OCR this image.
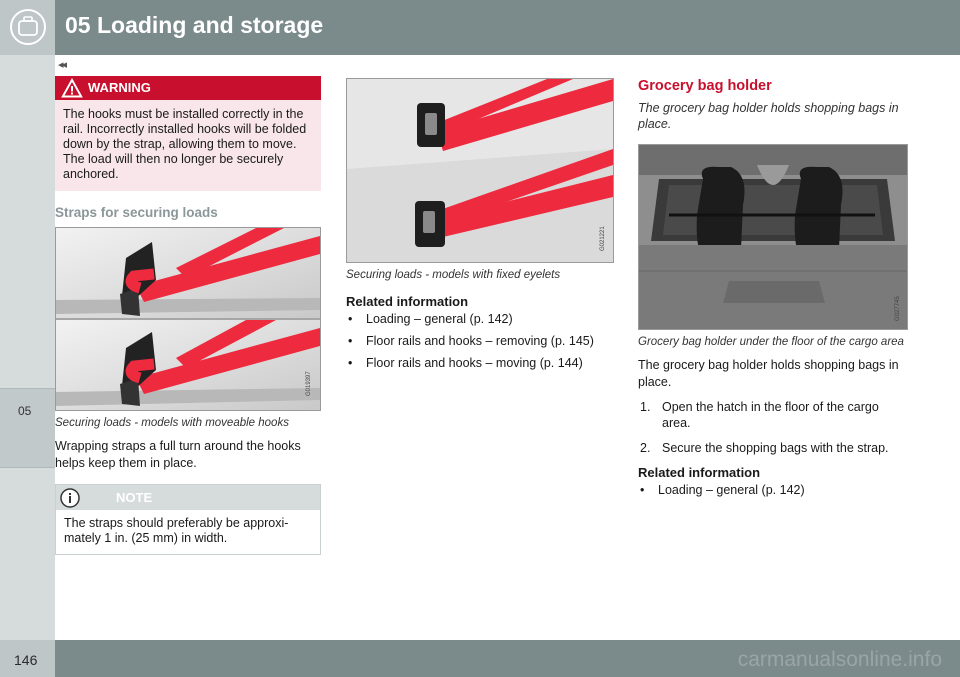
05 Loading and storage
05
◂◂
WARNING
The hooks must be installed correctly in the rail. Incorrectly installed hooks will be folded down by the strap, allowing them to move. The load will then no longer be securely anchored.
Straps for securing loads
G019397
Securing loads - models with moveable hooks
Wrapping straps a full turn around the hooks helps keep them in place.
NOTE
The straps should preferably be approxi-mately 1 in. (25 mm) in width.
G021221
Securing loads - models with fixed eyelets
Related information
• Loading – general (p. 142)
• Floor rails and hooks – removing (p. 145)
• Floor rails and hooks – moving (p. 144)
Grocery bag holder
The grocery bag holder holds shopping bags in place.
G027745
Grocery bag holder under the floor of the cargo area
The grocery bag holder holds shopping bags in place.
1. Open the hatch in the floor of the cargo area.
2. Secure the shopping bags with the strap.
Related information
• Loading – general (p. 142)
146	carmanualsonline.info
